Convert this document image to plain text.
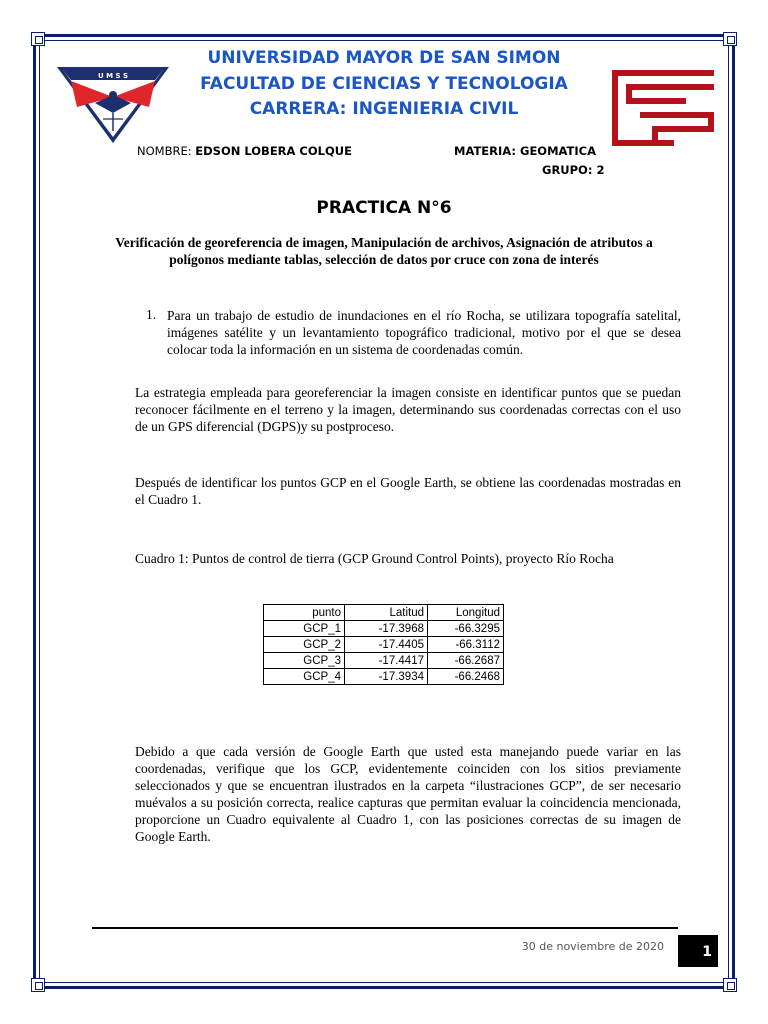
U M S S
UNIVERSIDAD MAYOR DE SAN SIMON
FACULTAD DE CIENCIAS Y TECNOLOGIA
CARRERA: INGENIERIA CIVIL
NOMBRE: EDSON LOBERA COLQUE	MATERIA: GEOMATICA
GRUPO: 2
PRACTICA N°6
Verificación de georeferencia de imagen, Manipulación de archivos, Asignación de atributos a polígonos mediante tablas, selección de datos por cruce con zona de interés
1. Para un trabajo de estudio de inundaciones en el río Rocha, se utilizara topografía satelital, imágenes satélite y un levantamiento topográfico tradicional, motivo por el que se desea colocar toda la información en un sistema de coordenadas común.
La estrategia empleada para georeferenciar la imagen consiste en identificar puntos que se puedan reconocer fácilmente en el terreno y la imagen, determinando sus coordenadas correctas con el uso de un GPS diferencial (DGPS)y su postproceso.
Después de identificar los puntos GCP en el Google Earth, se obtiene las coordenadas mostradas en el Cuadro 1.
Cuadro 1: Puntos de control de tierra (GCP Ground Control Points), proyecto Río Rocha
punto	Latitud	Longitud
GCP_1	-17.3968	-66.3295
GCP_2	-17.4405	-66.3112
GCP_3	-17.4417	-66.2687
GCP_4	-17.3934	-66.2468
Debido a que cada versión de Google Earth que usted esta manejando puede variar en las coordenadas, verifique que los GCP, evidentemente coinciden con los sitios previamente seleccionados y que se encuentran ilustrados en la carpeta “ilustraciones GCP”, de ser necesario muévalos a su posición correcta, realice capturas que permitan evaluar la coincidencia mencionada, proporcione un Cuadro equivalente al Cuadro 1, con las posiciones correctas de su imagen de Google Earth.
30 de noviembre de 2020	1
